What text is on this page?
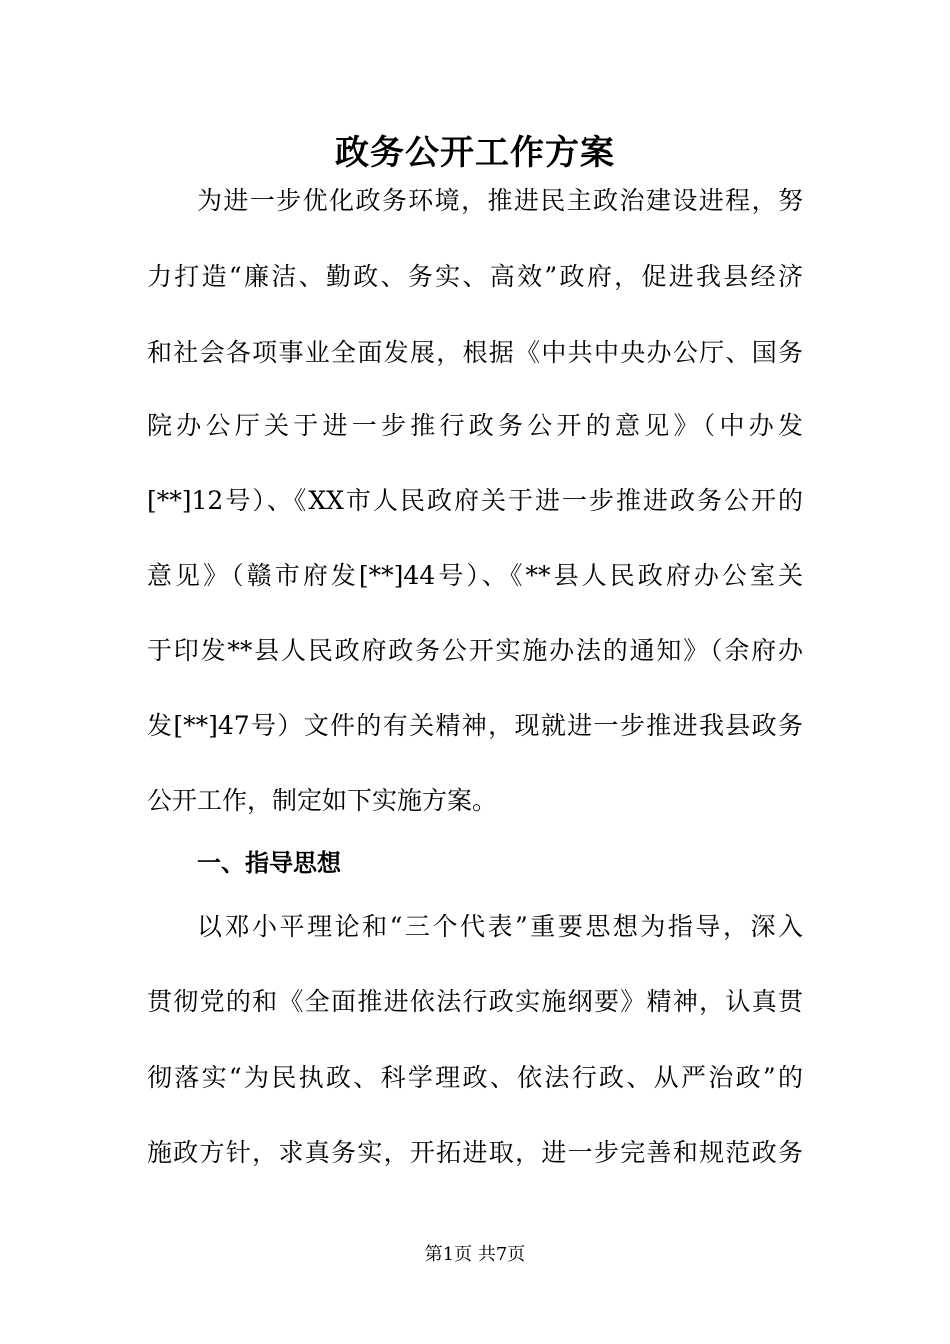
政务公开工作方案
为进一步优化政务环境，推进民主政治建设进程，努
力打造“廉洁、勤政、务实、高效”政府，促进我县经济
和社会各项事业全面发展，根据《中共中央办公厅、国务
院办公厅关于进一步推行政务公开的意见》（中办发
[**]12号）、《XX市人民政府关于进一步推进政务公开的
意见》（赣市府发[**]44号）、《**县人民政府办公室关
于印发**县人民政府政务公开实施办法的通知》（余府办
发[**]47号）文件的有关精神，现就进一步推进我县政务
公开工作，制定如下实施方案。
一、指导思想
以邓小平理论和“三个代表”重要思想为指导，深入
贯彻党的和《全面推进依法行政实施纲要》精神，认真贯
彻落实“为民执政、科学理政、依法行政、从严治政”的
施政方针，求真务实，开拓进取，进一步完善和规范政务
第1页 共7页
